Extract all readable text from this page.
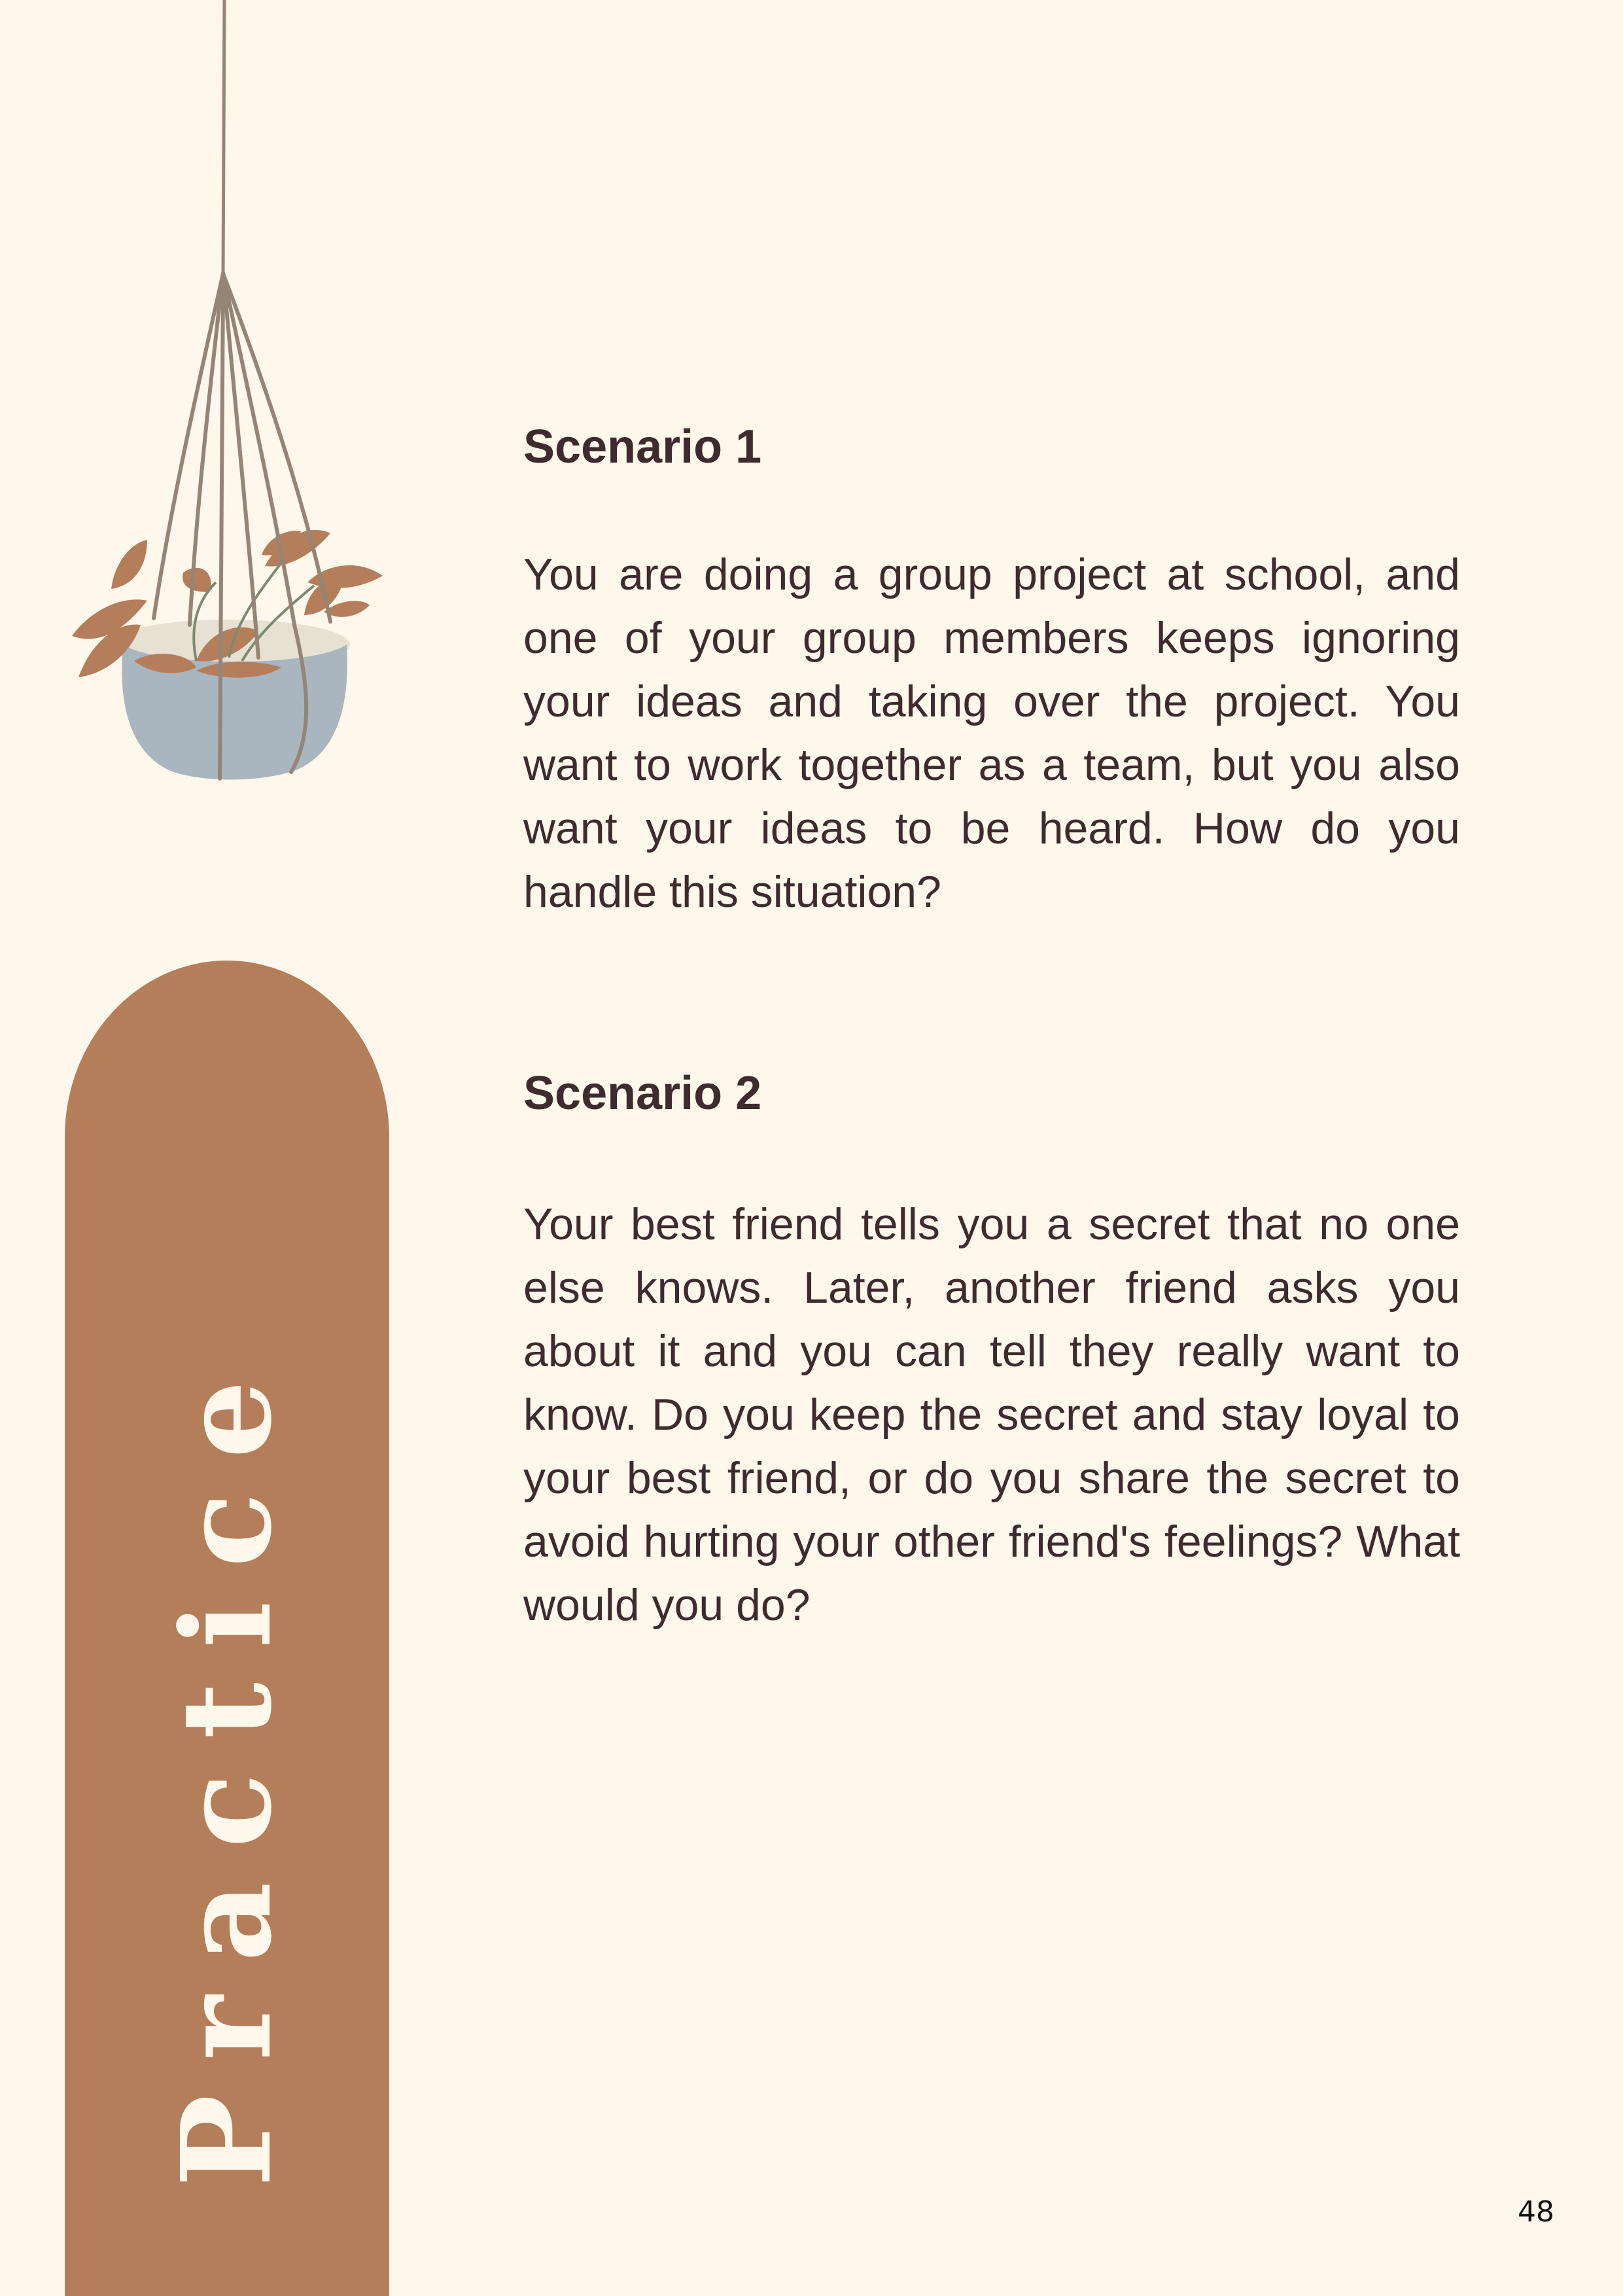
Practice
Scenario 1

You are doing a group project at school, and one of your group members keeps ignoring your ideas and taking over the project. You want to work together as a team, but you also want your ideas to be heard. How do you handle this situation?

Scenario 2

Your best friend tells you a secret that no one else knows. Later, another friend asks you about it and you can tell they really want to know. Do you keep the secret and stay loyal to your best friend, or do you share the secret to avoid hurting your other friend's feelings? What would you do?

48
